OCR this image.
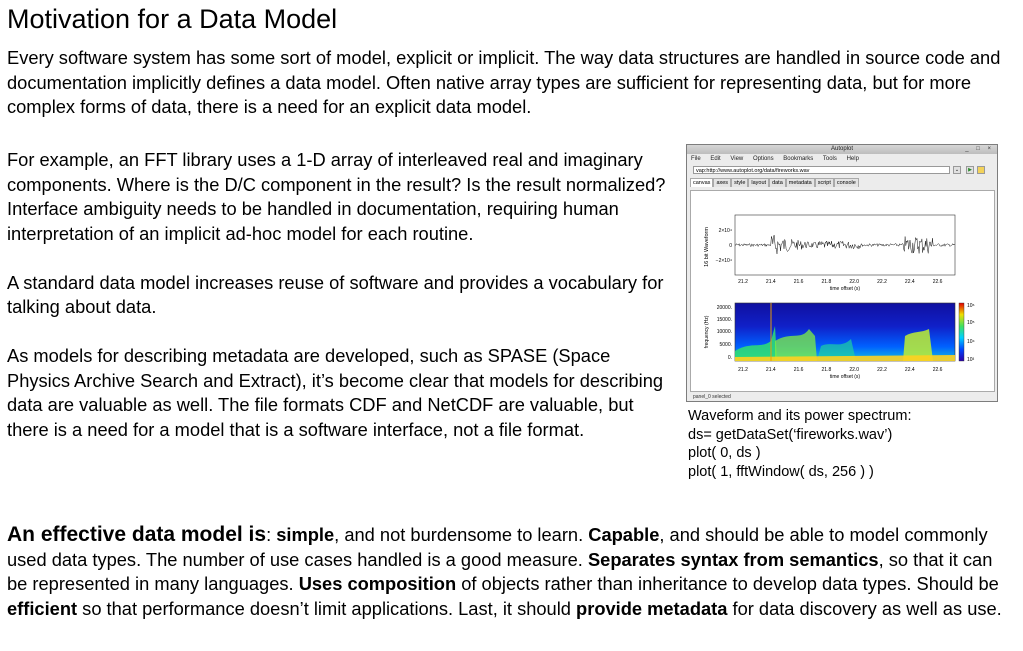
Motivation for a Data Model

Every software system has some sort of model, explicit or implicit. The way data structures are handled in source code and documentation implicitly defines a data model. Often native array types are sufficient for representing data, but for more complex forms of data, there is a need for an explicit data model.

For example, an FFT library uses a 1-D array of interleaved real and imaginary components. Where is the D/C component in the result? Is the result normalized? Interface ambiguity needs to be handled in documentation, requiring human interpretation of an implicit ad-hoc model for each routine.

A standard data model increases reuse of software and provides a vocabulary for talking about data.

As models for describing metadata are developed, such as SPASE (Space Physics Archive Search and Extract), it’s become clear that models for describing data are valuable as well. The file formats CDF and NetCDF are valuable, but there is a need for a model that is a software interface, not a file format.

Autoplot	_ □ ×
File Edit View Options Bookmarks Tools Help
vap:http://www.autoplot.org/data/fireworks.wav	⌄	▶
canvas axes style layout data metadata script console
16 bit Waveform 2×10⁴
0
−2×10⁴
21.2	21.4	21.6	21.8	22.0	22.2	22.4	22.6
time offset (s)
frequency (Hz)
20000.
15000.
10000.
5000.
0.
21.2	21.4	21.6	21.8	22.0	22.2	22.4	22.6
time offset (s)
10⁶
10⁵
10⁴
10³
panel_0 selected
Waveform and its power spectrum:
ds= getDataSet(‘fireworks.wav’)
plot( 0, ds )
plot( 1, fftWindow( ds, 256 ) )

An effective data model is: simple, and not burdensome to learn. Capable, and should be able to model commonly used data types. The number of use cases handled is a good measure. Separates syntax from semantics, so that it can be represented in many languages. Uses composition of objects rather than inheritance to develop data types. Should be efficient so that performance doesn’t limit applications. Last, it should provide metadata for data discovery as well as use.
